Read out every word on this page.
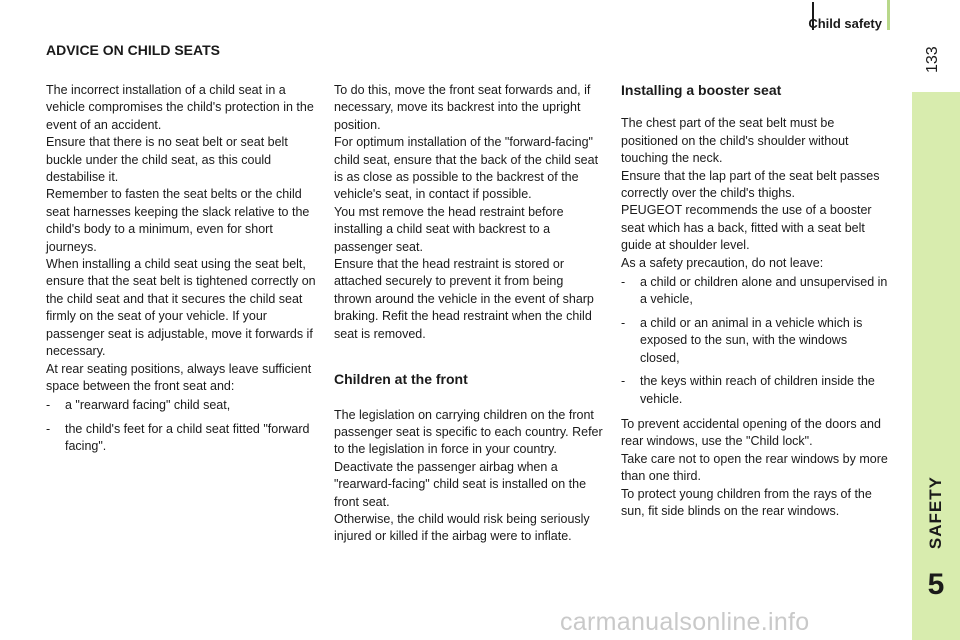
Child safety
133
SAFETY
5
ADVICE ON CHILD SEATS

The incorrect installation of a child seat in a vehicle compromises the child's protection in the event of an accident.

Ensure that there is no seat belt or seat belt buckle under the child seat, as this could destabilise it.

Remember to fasten the seat belts or the child seat harnesses keeping the slack relative to the child's body to a minimum, even for short journeys.

When installing a child seat using the seat belt, ensure that the seat belt is tightened correctly on the child seat and that it secures the child seat firmly on the seat of your vehicle. If your passenger seat is adjustable, move it forwards if necessary.

At rear seating positions, always leave sufficient space between the front seat and:

-	a "rearward facing" child seat,
-	the child's feet for a child seat fitted "forward facing".

To do this, move the front seat forwards and, if necessary, move its backrest into the upright position.

For optimum installation of the "forward-facing" child seat, ensure that the back of the child seat is as close as possible to the backrest of the vehicle's seat, in contact if possible.

You mst remove the head restraint before installing a child seat with backrest to a passenger seat.

Ensure that the head restraint is stored or attached securely to prevent it from being thrown around the vehicle in the event of sharp braking. Refit the head restraint when the child seat is removed.

Children at the front

The legislation on carrying children on the front passenger seat is specific to each country. Refer to the legislation in force in your country.

Deactivate the passenger airbag when a "rearward-facing" child seat is installed on the front seat.

Otherwise, the child would risk being seriously injured or killed if the airbag were to inflate.

Installing a booster seat

The chest part of the seat belt must be positioned on the child's shoulder without touching the neck.

Ensure that the lap part of the seat belt passes correctly over the child's thighs.

PEUGEOT recommends the use of a booster seat which has a back, fitted with a seat belt guide at shoulder level.

As a safety precaution, do not leave:

-	a child or children alone and unsupervised in a vehicle,
-	a child or an animal in a vehicle which is exposed to the sun, with the windows closed,
-	the keys within reach of children inside the vehicle.

To prevent accidental opening of the doors and rear windows, use the "Child lock".

Take care not to open the rear windows by more than one third.

To protect young children from the rays of the sun, fit side blinds on the rear windows.

carmanualsonline.info
